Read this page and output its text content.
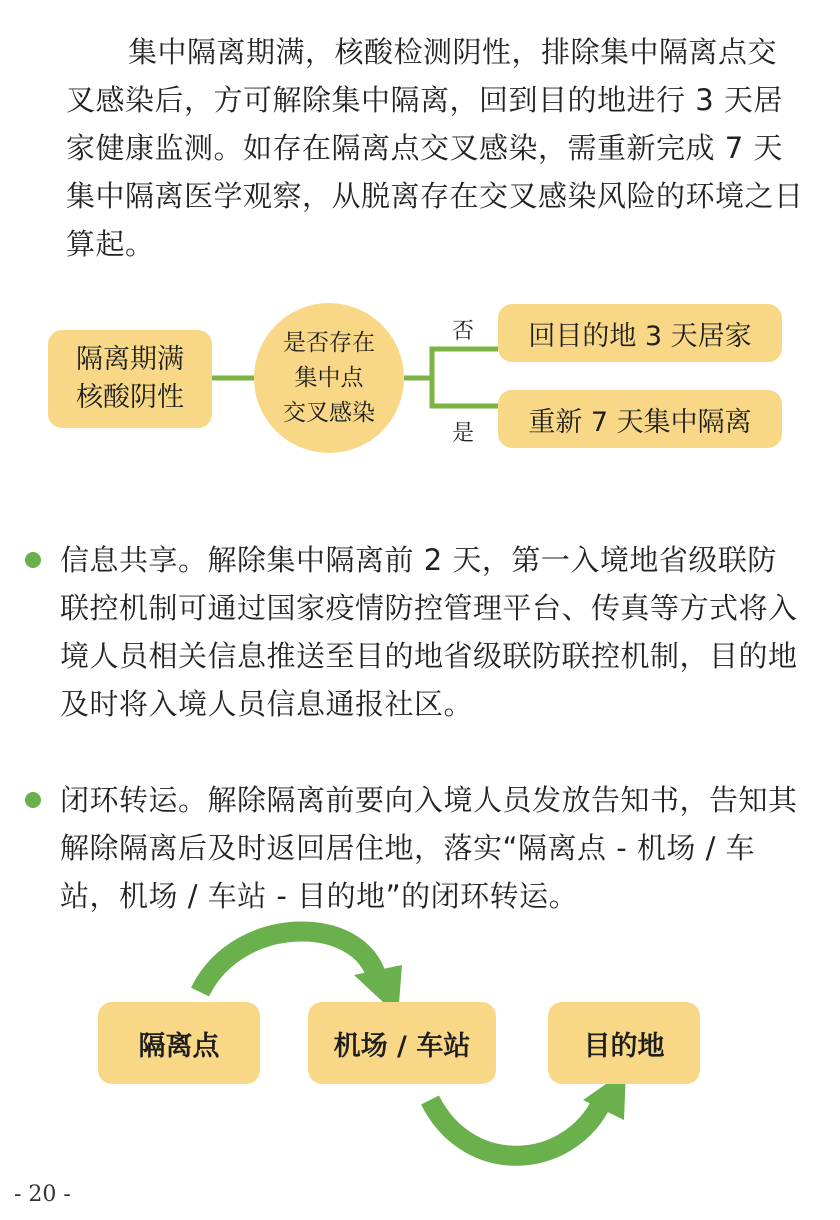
集中隔离期满，核酸检测阴性，排除集中隔离点交叉感染后，方可解除集中隔离，回到目的地进行 3 天居家健康监测。如存在隔离点交叉感染，需重新完成 7 天集中隔离医学观察，从脱离存在交叉感染风险的环境之日算起。

隔离期满
核酸阴性
是否存在
集中点
交叉感染
否
是
回目的地 3 天居家
重新 7 天集中隔离

信息共享。解除集中隔离前 2 天，第一入境地省级联防联控机制可通过国家疫情防控管理平台、传真等方式将入境人员相关信息推送至目的地省级联防联控机制，目的地及时将入境人员信息通报社区。

闭环转运。解除隔离前要向入境人员发放告知书，告知其解除隔离后及时返回居住地，落实“隔离点 - 机场 / 车站，机场 / 车站 - 目的地”的闭环转运。

隔离点	机场 / 车站	目的地
- 20 -
